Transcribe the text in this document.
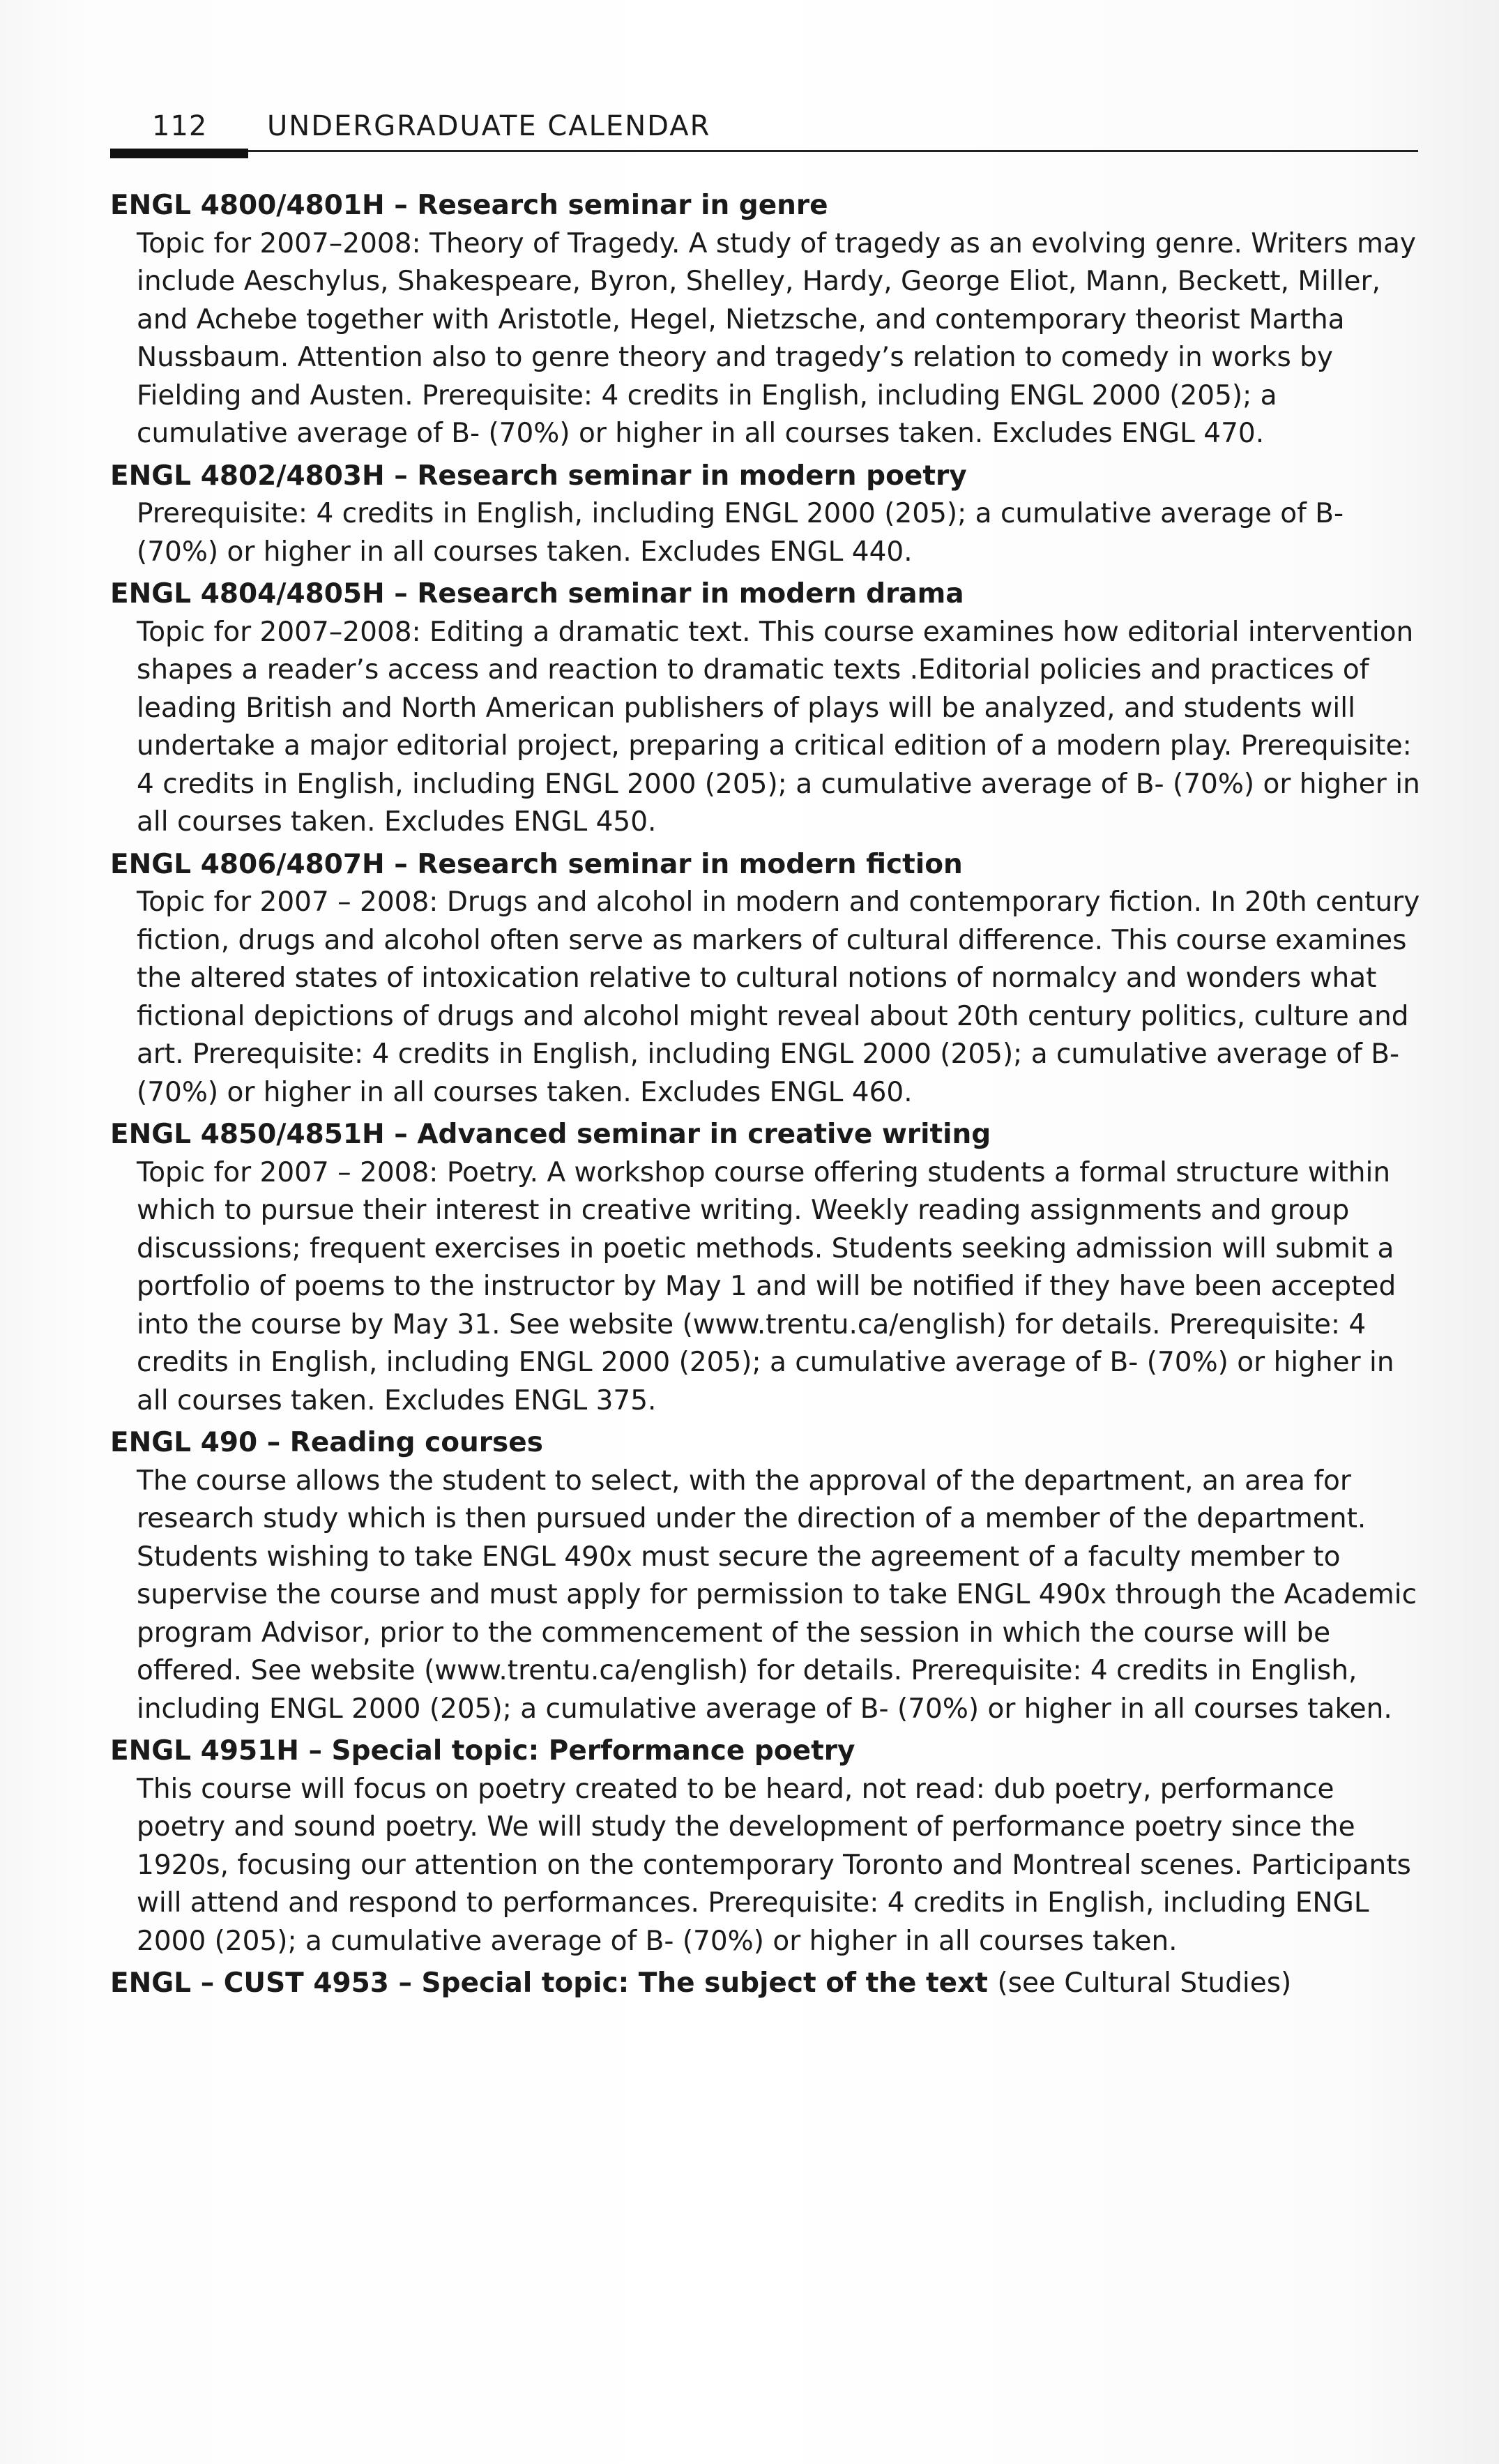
112 UNDERGRADUATE CALENDAR

ENGL 4800/4801H – Research seminar in genre

Topic for 2007–2008: Theory of Tragedy. A study of tragedy as an evolving genre. Writers may include Aeschylus, Shakespeare, Byron, Shelley, Hardy, George Eliot, Mann, Beckett, Miller, and Achebe together with Aristotle, Hegel, Nietzsche, and contemporary theorist Martha Nussbaum. Attention also to genre theory and tragedy’s relation to comedy in works by Fielding and Austen. Prerequisite: 4 credits in English, including ENGL 2000 (205); a cumulative average of B- (70%) or higher in all courses taken. Excludes ENGL 470.

ENGL 4802/4803H – Research seminar in modern poetry

Prerequisite: 4 credits in English, including ENGL 2000 (205); a cumulative average of B- (70%) or higher in all courses taken. Excludes ENGL 440.

ENGL 4804/4805H – Research seminar in modern drama

Topic for 2007–2008: Editing a dramatic text. This course examines how editorial intervention shapes a reader’s access and reaction to dramatic texts .Editorial policies and practices of leading British and North American publishers of plays will be analyzed, and students will undertake a major editorial project, preparing a critical edition of a modern play. Prerequisite: 4 credits in English, including ENGL 2000 (205); a cumulative average of B- (70%) or higher in all courses taken. Excludes ENGL 450.

ENGL 4806/4807H – Research seminar in modern fiction

Topic for 2007 – 2008: Drugs and alcohol in modern and contemporary fiction. In 20th century fiction, drugs and alcohol often serve as markers of cultural difference. This course examines the altered states of intoxication relative to cultural notions of normalcy and wonders what fictional depictions of drugs and alcohol might reveal about 20th century politics, culture and art. Prerequisite: 4 credits in English, including ENGL 2000 (205); a cumulative average of B- (70%) or higher in all courses taken. Excludes ENGL 460.

ENGL 4850/4851H – Advanced seminar in creative writing

Topic for 2007 – 2008: Poetry. A workshop course offering students a formal structure within which to pursue their interest in creative writing. Weekly reading assignments and group discussions; frequent exercises in poetic methods. Students seeking admission will submit a portfolio of poems to the instructor by May 1 and will be notified if they have been accepted into the course by May 31. See website (www.trentu.ca/english) for details. Prerequisite: 4 credits in English, including ENGL 2000 (205); a cumulative average of B- (70%) or higher in all courses taken. Excludes ENGL 375.

ENGL 490 – Reading courses

The course allows the student to select, with the approval of the department, an area for research study which is then pursued under the direction of a member of the department. Students wishing to take ENGL 490x must secure the agreement of a faculty member to supervise the course and must apply for permission to take ENGL 490x through the Academic program Advisor, prior to the commencement of the session in which the course will be offered. See website (www.trentu.ca/english) for details. Prerequisite: 4 credits in English, including ENGL 2000 (205); a cumulative average of B- (70%) or higher in all courses taken.

ENGL 4951H – Special topic: Performance poetry

This course will focus on poetry created to be heard, not read: dub poetry, performance poetry and sound poetry. We will study the development of performance poetry since the 1920s, focusing our attention on the contemporary Toronto and Montreal scenes. Participants will attend and respond to performances. Prerequisite: 4 credits in English, including ENGL 2000 (205); a cumulative average of B- (70%) or higher in all courses taken.

ENGL – CUST 4953 – Special topic: The subject of the text (see Cultural Studies)
